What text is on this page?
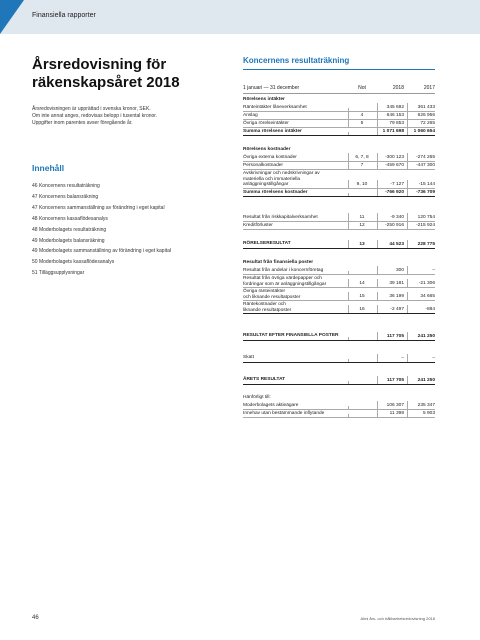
Finansiella rapporter
Årsredovisning för
räkenskapsåret 2018
Årsredovisningen är upprättad i svenska kronor, SEK.
Om inte annat anges, redovisas belopp i tusental kronor.
Uppgifter inom parentes avser föregående år.
Innehåll
46 Koncernens resultaträkning
47 Koncernens balansräkning
47 Koncernens sammanställning av förändring i eget kapital
48 Koncernens kassaflödesanalys
48 Moderbolagets resultaträkning
49 Moderbolagets balansräkning
49 Moderbolagets sammanställning av förändring i eget kapital
50 Moderbolagets kassaflödesanalys
51 Tilläggsupplysningar
Koncernens resultaträkning
1 januari — 31 december	Not	2018	2017
Rörelsens intäkter
Ränteintäkter låneverksamhet	345 692	361 433
Anslag	4	646 153	626 956
Övriga rörelseintäkter	5	79 853	72 265
Summa rörelsens intäkter	1 071 698	1 060 654
Rörelsens kostnader
Övriga externa kostnader	6, 7, 8	-300 123	-274 265
Personalkostnader	7	-459 670	-447 300
Avskrivningar och nedskrivningar av
materiella och immateriella
anläggningstillgångar	9, 10	-7 127	-15 144
Summa rörelsens kostnader	-766 920	-736 709
Resultat från riskkapitalverksamhet	11	-9 340	120 754
Kreditförluster	12	-250 916	-215 924
RÖRELSERESULTAT	13	44 523	228 775
Resultat från finansiella poster
Resultat från andelar i koncernföretag	300	–
Resultat från övriga värdepapper och
fordringar som är anläggningstillgångar	14	39 181	-21 306
Övriga ränteintäkter
och liknande resultatposter	15	36 199	34 665
Räntekostnader och
liknande resultatposter	16	-2 497	-884
RESULTAT EFTER FINANSIELLA POSTER	117 705	241 250
Skatt	–	–
ÅRETS RESULTAT	117 705	241 250
Hänförligt till:
Moderbolagets aktieägare	106 307	235 347
Innehav utan bestämmande inflytande	11 398	5 903
46	Almi års- och hållbarhetsredovisning 2018
